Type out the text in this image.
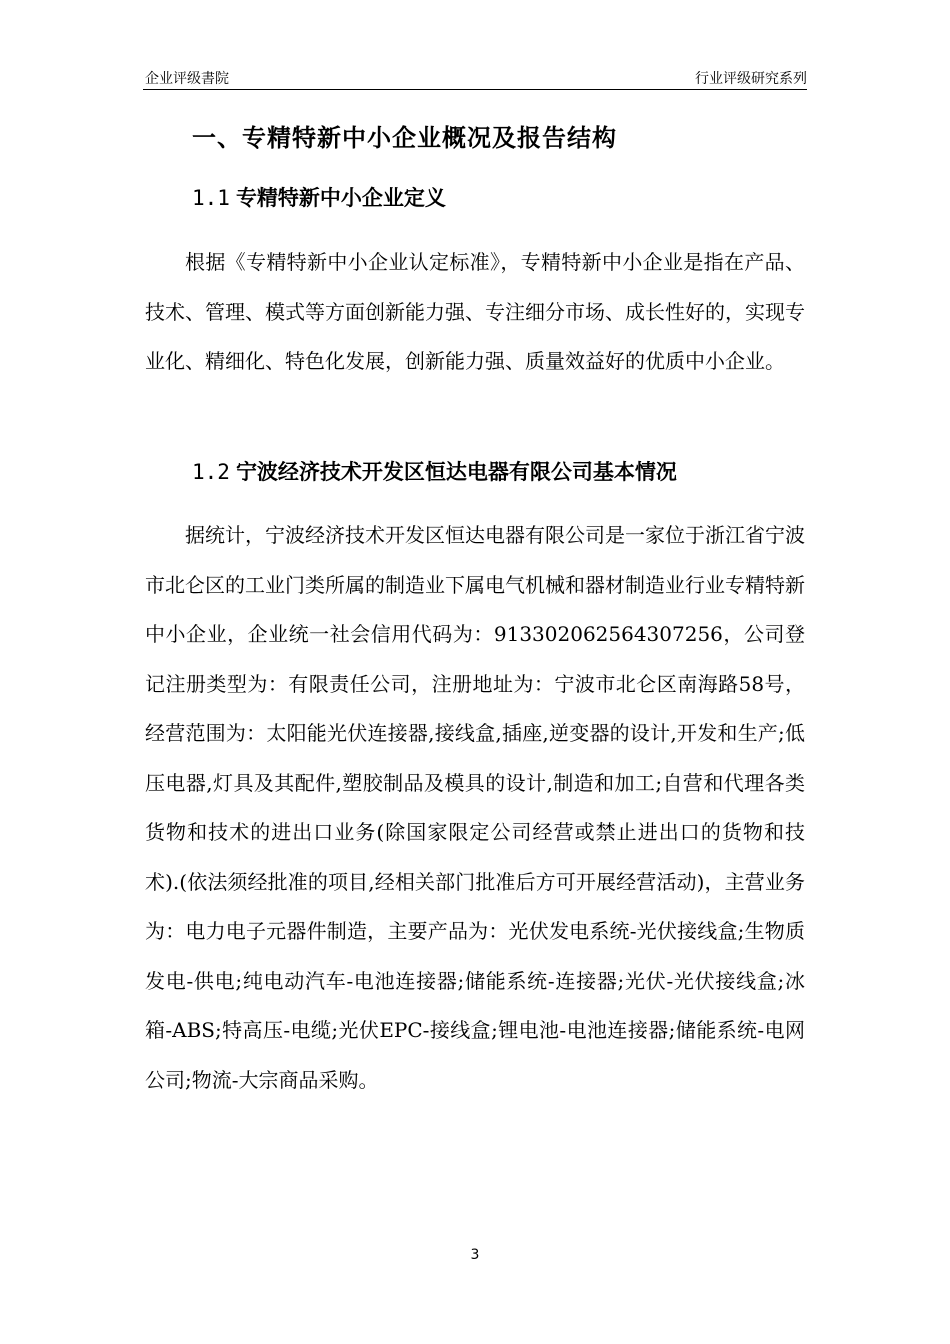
企业评级書院	行业评级研究系列
一、专精特新中小企业概况及报告结构
1.1 专精特新中小企业定义
根据《专精特新中小企业认定标准》，专精特新中小企业是指在产品、技术、管理、模式等方面创新能力强、专注细分市场、成长性好的，实现专业化、精细化、特色化发展，创新能力强、质量效益好的优质中小企业。
1.2 宁波经济技术开发区恒达电器有限公司基本情况
据统计，宁波经济技术开发区恒达电器有限公司是一家位于浙江省宁波市北仑区的工业门类所属的制造业下属电气机械和器材制造业行业专精特新中小企业，企业统一社会信用代码为：913302062564307256，公司登记注册类型为：有限责任公司，注册地址为：宁波市北仑区南海路58号，经营范围为：太阳能光伏连接器,接线盒,插座,逆变器的设计,开发和生产;低压电器,灯具及其配件,塑胶制品及模具的设计,制造和加工;自营和代理各类货物和技术的进出口业务(除国家限定公司经营或禁止进出口的货物和技术).(依法须经批准的项目,经相关部门批准后方可开展经营活动)，主营业务为：电力电子元器件制造，主要产品为：光伏发电系统-光伏接线盒;生物质发电-供电;纯电动汽车-电池连接器;储能系统-连接器;光伏-光伏接线盒;冰箱-ABS;特高压-电缆;光伏EPC-接线盒;锂电池-电池连接器;储能系统-电网公司;物流-大宗商品采购。
3
